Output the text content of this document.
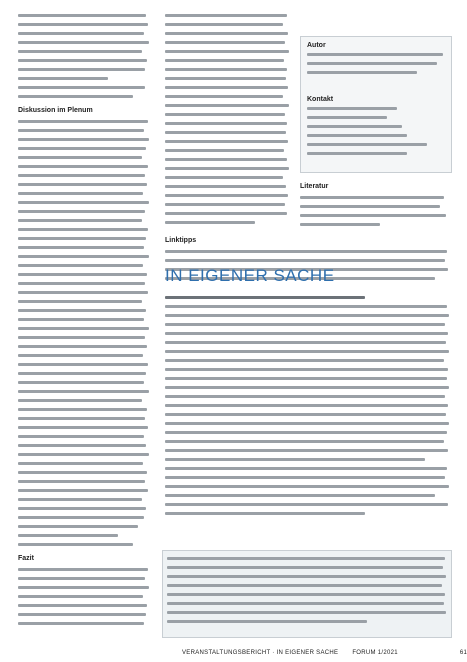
Diskussion im Plenum
Fazit
Autor
Kontakt
Literatur
Linktipps
IN EIGENER SACHE
VERANSTALTUNGSBERICHT · IN EIGENER SACHE FORUM 1/2021	61
